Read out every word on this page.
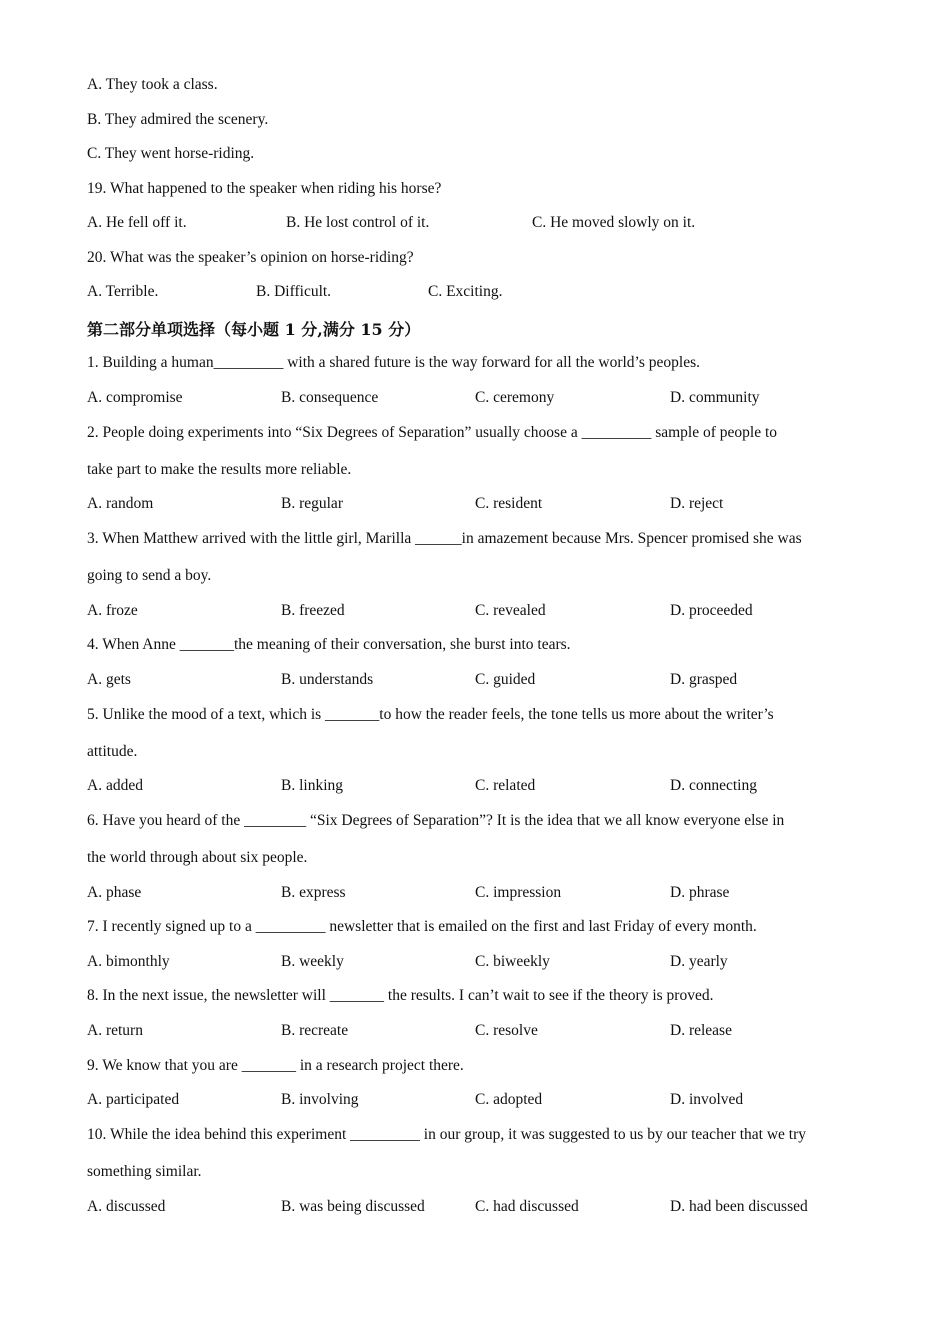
A. They took a class.
B. They admired the scenery.
C. They went horse-riding.
19. What happened to the speaker when riding his horse?
A. He fell off it.	B. He lost control of it.	C. He moved slowly on it.
20. What was the speaker’s opinion on horse-riding?
A. Terrible.	B. Difficult.	C. Exciting.
第二部分单项选择（每小题 1 分,满分 15 分）
1. Building a human_________ with a shared future is the way forward for all the world’s peoples.
A. compromise	B. consequence	C. ceremony	D. community
2. People doing experiments into “Six Degrees of Separation” usually choose a _________ sample of people to
take part to make the results more reliable.
A. random	B. regular	C. resident	D. reject
3. When Matthew arrived with the little girl, Marilla ______in amazement because Mrs. Spencer promised she was
going to send a boy.
A. froze	B. freezed	C. revealed	D. proceeded
4. When Anne _______the meaning of their conversation, she burst into tears.
A. gets	B. understands	C. guided	D. grasped
5. Unlike the mood of a text, which is _______to how the reader feels, the tone tells us more about the writer’s
attitude.
A. added	B. linking	C. related	D. connecting
6. Have you heard of the ________ “Six Degrees of Separation”? It is the idea that we all know everyone else in
the world through about six people.
A. phase	B. express	C. impression	D. phrase
7. I recently signed up to a _________ newsletter that is emailed on the first and last Friday of every month.
A. bimonthly	B. weekly	C. biweekly	D. yearly
8. In the next issue, the newsletter will _______ the results. I can’t wait to see if the theory is proved.
A. return	B. recreate	C. resolve	D. release
9. We know that you are _______ in a research project there.
A. participated	B. involving	C. adopted	D. involved
10. While the idea behind this experiment _________ in our group, it was suggested to us by our teacher that we try
something similar.
A. discussed	B. was being discussed	C. had discussed	D. had been discussed
